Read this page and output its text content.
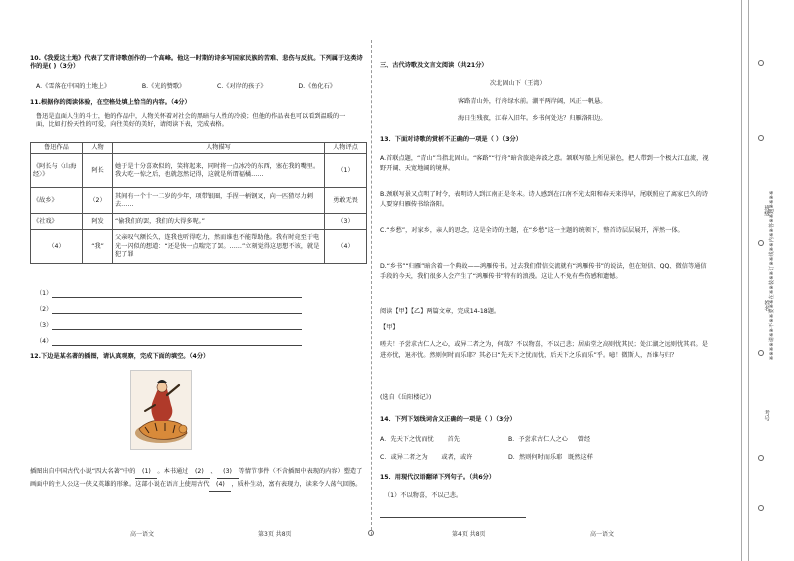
10.《我爱这土地》代表了艾青诗歌创作的一个高峰。他这一时期的诗多写国家民族的苦难、悲伤与反抗。下列属于这类诗作的是( )（3分）
A.《雪落在中国的土地上》	B.《光的赞歌》	C.《对岸的孩子》	D.《鱼化石》
11.根据你的阅读体验，在空格处填上恰当的内容。（4分）
鲁迅是直面人生的斗士，他的作品中，人物关怀着对社会的黑暗与人性的冷漠；但他的作品表也可以看到温暖的一面，比如打扮天性的可爱，向往美好的美好，请阅读下表，完成表格。
鲁迅作品	人物	人物描写	人物评点
《阿长与〈山海经〉》	阿长	她于是十分喜欢似的，笑将起来，同时将一点冰冷的东西，塞在我的嘴里。我大吃一惊之后，也就忽然记得，这就是所谓福橘……	（1）
《故乡》	（2）	其间有一个十一二岁的少年，项带银圈，手捏一柄钢叉，向一匹猹尽力刺去……	勇敢无畏
《社戏》	阿发	“偷我们的罢，我们的大得多呢。”	（3）
（4）	“我”	父亲叹气额长久，连我也听得吃力，然而谁也不能帮助他。我有时竟至于电光一闪似的想道：“还是快一点喘完了罢。……”立刻觉得这思想不该，就是犯了罪	（4）
（1）
（2）
（3）
（4）
12.下边是某名著的插图，请认真观察，完成下面的填空。（4分）
插图出自中国古代小说“四大名著”中的 (1) 。本书通过 (2) 、 (3) 等情节事件（不含插图中表现的内容）塑造了画面中的主人公这一侠义英雄的形象。这部小说在语言上使用古代 (4) ，质朴生动，富有表现力，读来令人荡气回肠。
高一语文	第3页 共8页
三、古代诗歌及文言文阅读（共21分）
次北固山下（王湾）
客路青山外，行舟绿水前。潮平两岸阔，风正一帆悬。
海日生残夜，江春入旧年。乡书何处达？归雁洛阳边。
13．下面对诗歌的赏析不正确的一项是（ ）（3分）
A.首联点题，“青山”当指北固山。“客路”“行舟”暗含旅途奔波之意。颔联写船上所见景色，把人带到一个极大江直流，视野开阔、天宽地阔的境界。
B.颈联写景又点明了时令，表明诗人到江南正是冬末。诗人感到在江南不光太阳和春天来得早，尾联照应了离家已久的诗人要穿归雁传书给洛阳。
C.“乡愁”，对家乡，亲人的思念，这是全诗的主题，在“乡愁”这一主题的统领下，整首诗层层展开，浑然一体。
D.“乡书”“归雁”暗含着一个典故——鸿雁传书。过去我们借信交流就有“鸿雁传书”的说法，但在短信、QQ、微信等通信手段的今天，我们很多人会产生了“鸿雁传书”特有的浪漫。这让人不免有些伤感和遗憾。
阅读【甲】【乙】两篇文章，完成14-18题。
【甲】
嗟夫！予尝求古仁人之心，或异二者之为，何哉？不以物喜，不以己悲；居庙堂之高则忧其民；处江湖之远则忧其君。是进亦忧，退亦忧。然则何时而乐耶？其必曰“先天下之忧而忧，后天下之乐而乐”乎。噫！微斯人，吾谁与归？
(选自《岳阳楼记》)
14．下列下划线词含义正确的一项是（ ）（3分）
A．先天下之忧而忧 首先	B．予尝求古仁人之心 曾经
C．或异二者之为 或者，或许	D．然则何时而乐耶 既然这样
15．用现代汉语翻译下列句子。（共6分）
（1）不以物喜，不以己悲。
第4页 共8页	高一语文
※※※※请※※不※※要※※在※※装※※订※※线※※内※※答※※题※※※※
班级
姓名
考号
